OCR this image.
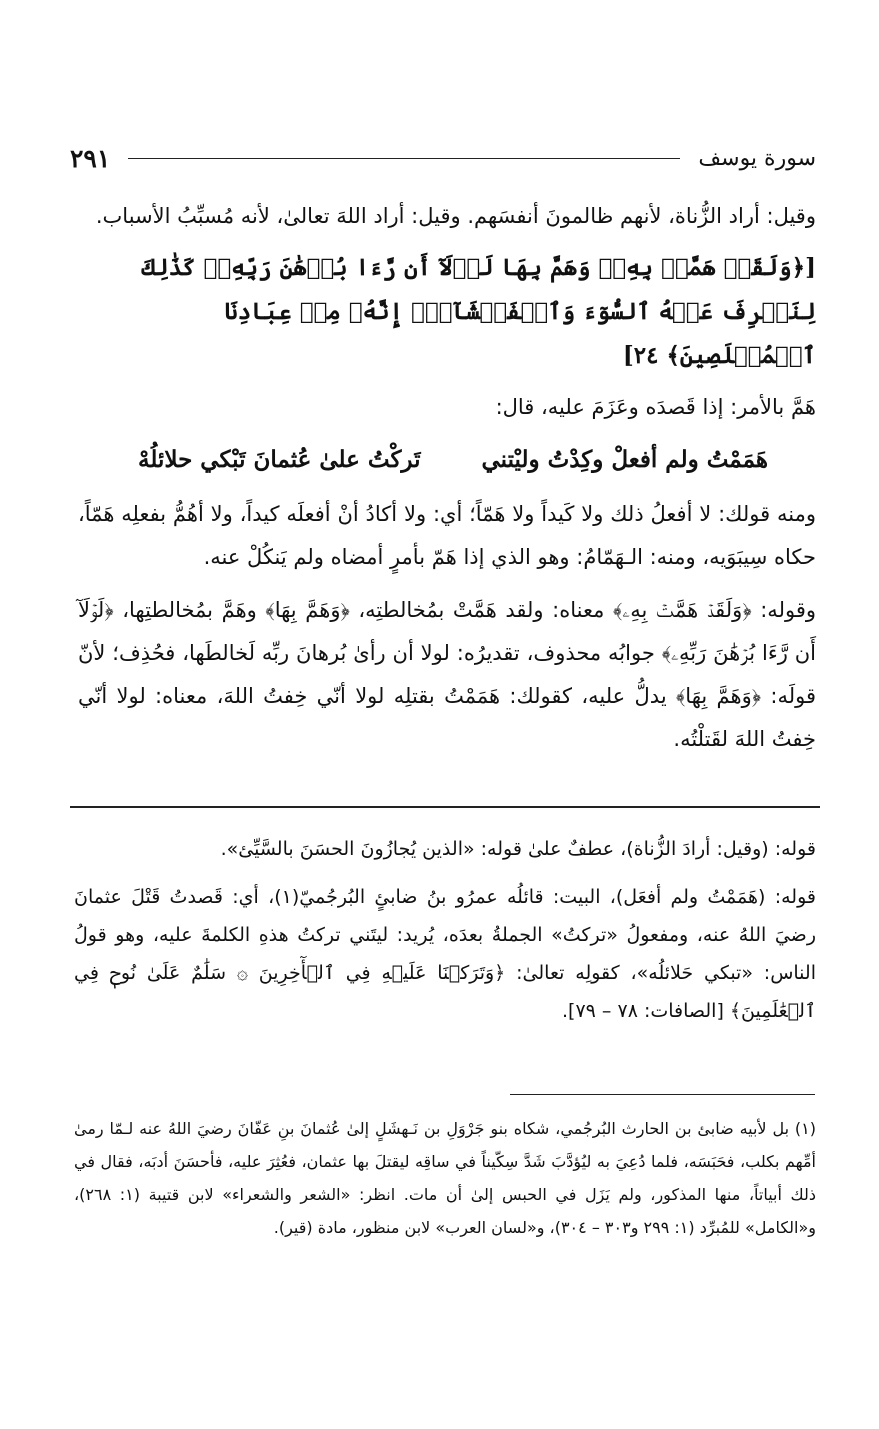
سورة يوسف
٢٩١

وقيل: أراد الزُّناة، لأنهم ظالمونَ أنفسَهم. وقيل: أراد اللهَ تعالىٰ، لأنه مُسبِّبُ الأسباب.

[﴿وَلَقَدۡ هَمَّتۡ بِهِۦۖ وَهَمَّ بِهَا لَوۡلَآ أَن رَّءَا بُرۡهَٰنَ رَبِّهِۦۚ كَذَٰلِكَ لِنَصۡرِفَ عَنۡهُ ٱلسُّوٓءَ وَٱلۡفَحۡشَآءَۚ إِنَّهُۥ مِنۡ عِبَادِنَا ٱلۡمُخۡلَصِينَ﴾ ٢٤]

هَمَّ بالأمر: إذا قَصدَه وعَزَمَ عليه، قال:

هَمَمْتُ ولم أفعلْ وكِدْتُ وليْتني
تَركْتُ علىٰ عُثمانَ تَبْكي حلائلُهْ

ومنه قولك: لا أفعلُ ذلك ولا كَيداً ولا هَمّاً؛ أي: ولا أكادُ أنْ أفعلَه كيداً، ولا أهُمُّ بفعلِه هَمّاً، حكاه سِيبَوَيه، ومنه: الـهَمّامُ: وهو الذي إذا هَمّ بأمرٍ أمضاه ولم يَنكُلْ عنه.

وقوله: ﴿وَلَقَدۡ هَمَّتۡ بِهِۦ﴾ معناه: ولقد هَمَّتْ بمُخالطتِه، ﴿وَهَمَّ بِهَا﴾ وهَمَّ بمُخالطتِها، ﴿لَوۡلَآ أَن رَّءَا بُرۡهَٰنَ رَبِّهِۦ﴾ جوابُه محذوف، تقديرُه: لولا أن رأىٰ بُرهانَ ربِّه لَخالطَها، فحُذِف؛ لأنّ قولَه: ﴿وَهَمَّ بِهَا﴾ يدلُّ عليه، كقولك: هَمَمْتُ بقتلِه لولا أنّي خِفتُ اللهَ، معناه: لولا أنّي خِفتُ اللهَ لقَتلْتُه.

قوله: (وقيل: أرادَ الزُّناة)، عطفٌ علىٰ قوله: «الذين يُجازُونَ الحسَنَ بالسَّيِّئ».

قوله: (هَمَمْتُ ولم أفعَل)، البيت: قائلُه عمرُو بنُ ضابئٍ البُرجُميّ(١)، أي: قَصدتُ قَتْلَ عثمانَ رضيَ اللهُ عنه، ومفعولُ «تركتُ» الجملةُ بعدَه، يُريد: ليتَني تركتُ هذهِ الكلمةَ عليه، وهو قولُ الناس: «تبكي حَلائلُه»، كقولِه تعالىٰ: ﴿وَتَرَكۡنَا عَلَيۡهِ فِي ٱلۡأٓخِرِينَ ۞ سَلَٰمٌ عَلَىٰ نُوحٖ فِي ٱلۡعَٰلَمِينَ﴾ [الصافات: ٧٨ – ٧٩].

(١) بل لأبيه ضابئ بن الحارث البُرجُمي، شكاه بنو جَرْوَلِ بن نَـهشَلٍ إلىٰ عُثمانَ بنِ عَفّانَ رضيَ اللهُ عنه لـمّا رمىٰ أمِّهم بكلب، فحَبَسَه، فلما دُعِيَ به ليُؤدَّبَ شَدَّ سِكّيناً في ساقِه ليقتلَ بها عثمان، فعُثِرَ عليه، فأحسَنَ أدبَه، فقال في ذلك أبياتاً، منها المذكور، ولم يَزَل في الحبس إلىٰ أن مات. انظر: «الشعر والشعراء» لابن قتيبة (١: ٢٦٨)، و«الكامل» للمُبرِّد (١: ٢٩٩ و٣٠٣ – ٣٠٤)، و«لسان العرب» لابن منظور، مادة (قير).
